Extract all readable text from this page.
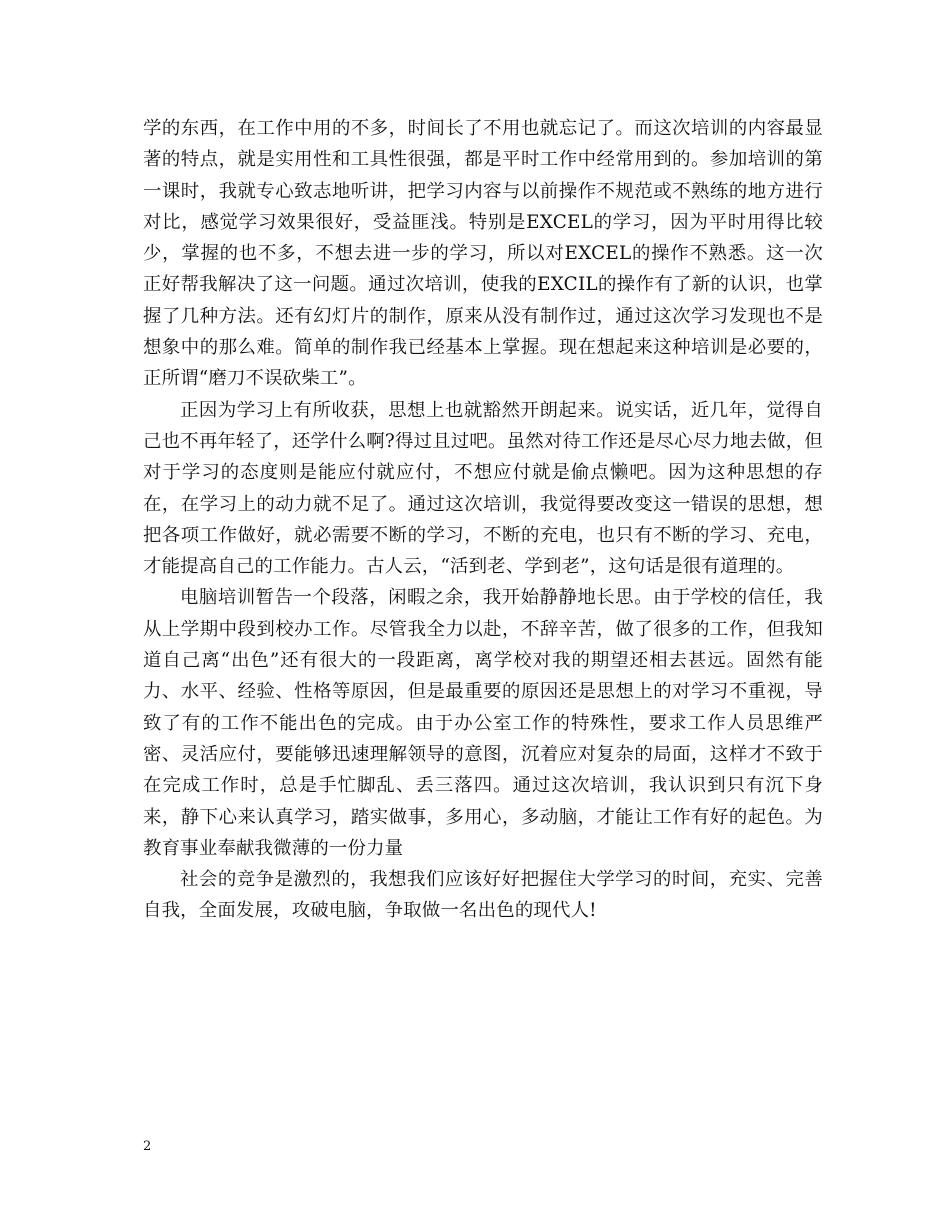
学的东西，在工作中用的不多，时间长了不用也就忘记了。而这次培训的内容最显著的特点，就是实用性和工具性很强，都是平时工作中经常用到的。参加培训的第一课时，我就专心致志地听讲，把学习内容与以前操作不规范或不熟练的地方进行对比，感觉学习效果很好，受益匪浅。特别是EXCEL的学习，因为平时用得比较少，掌握的也不多，不想去进一步的学习，所以对EXCEL的操作不熟悉。这一次正好帮我解决了这一问题。通过次培训，使我的EXCIL的操作有了新的认识，也掌握了几种方法。还有幻灯片的制作，原来从没有制作过，通过这次学习发现也不是想象中的那么难。简单的制作我已经基本上掌握。现在想起来这种培训是必要的，正所谓“磨刀不误砍柴工”。

正因为学习上有所收获，思想上也就豁然开朗起来。说实话，近几年，觉得自己也不再年轻了，还学什么啊?得过且过吧。虽然对待工作还是尽心尽力地去做，但对于学习的态度则是能应付就应付，不想应付就是偷点懒吧。因为这种思想的存在，在学习上的动力就不足了。通过这次培训，我觉得要改变这一错误的思想，想把各项工作做好，就必需要不断的学习，不断的充电，也只有不断的学习、充电，才能提高自己的工作能力。古人云，“活到老、学到老”，这句话是很有道理的。

电脑培训暂告一个段落，闲暇之余，我开始静静地长思。由于学校的信任，我从上学期中段到校办工作。尽管我全力以赴，不辞辛苦，做了很多的工作，但我知道自己离“出色”还有很大的一段距离，离学校对我的期望还相去甚远。固然有能力、水平、经验、性格等原因，但是最重要的原因还是思想上的对学习不重视，导致了有的工作不能出色的完成。由于办公室工作的特殊性，要求工作人员思维严密、灵活应付，要能够迅速理解领导的意图，沉着应对复杂的局面，这样才不致于在完成工作时，总是手忙脚乱、丢三落四。通过这次培训，我认识到只有沉下身来，静下心来认真学习，踏实做事，多用心，多动脑，才能让工作有好的起色。为教育事业奉献我微薄的一份力量

社会的竞争是激烈的，我想我们应该好好把握住大学学习的时间，充实、完善自我，全面发展，攻破电脑，争取做一名出色的现代人!

2
